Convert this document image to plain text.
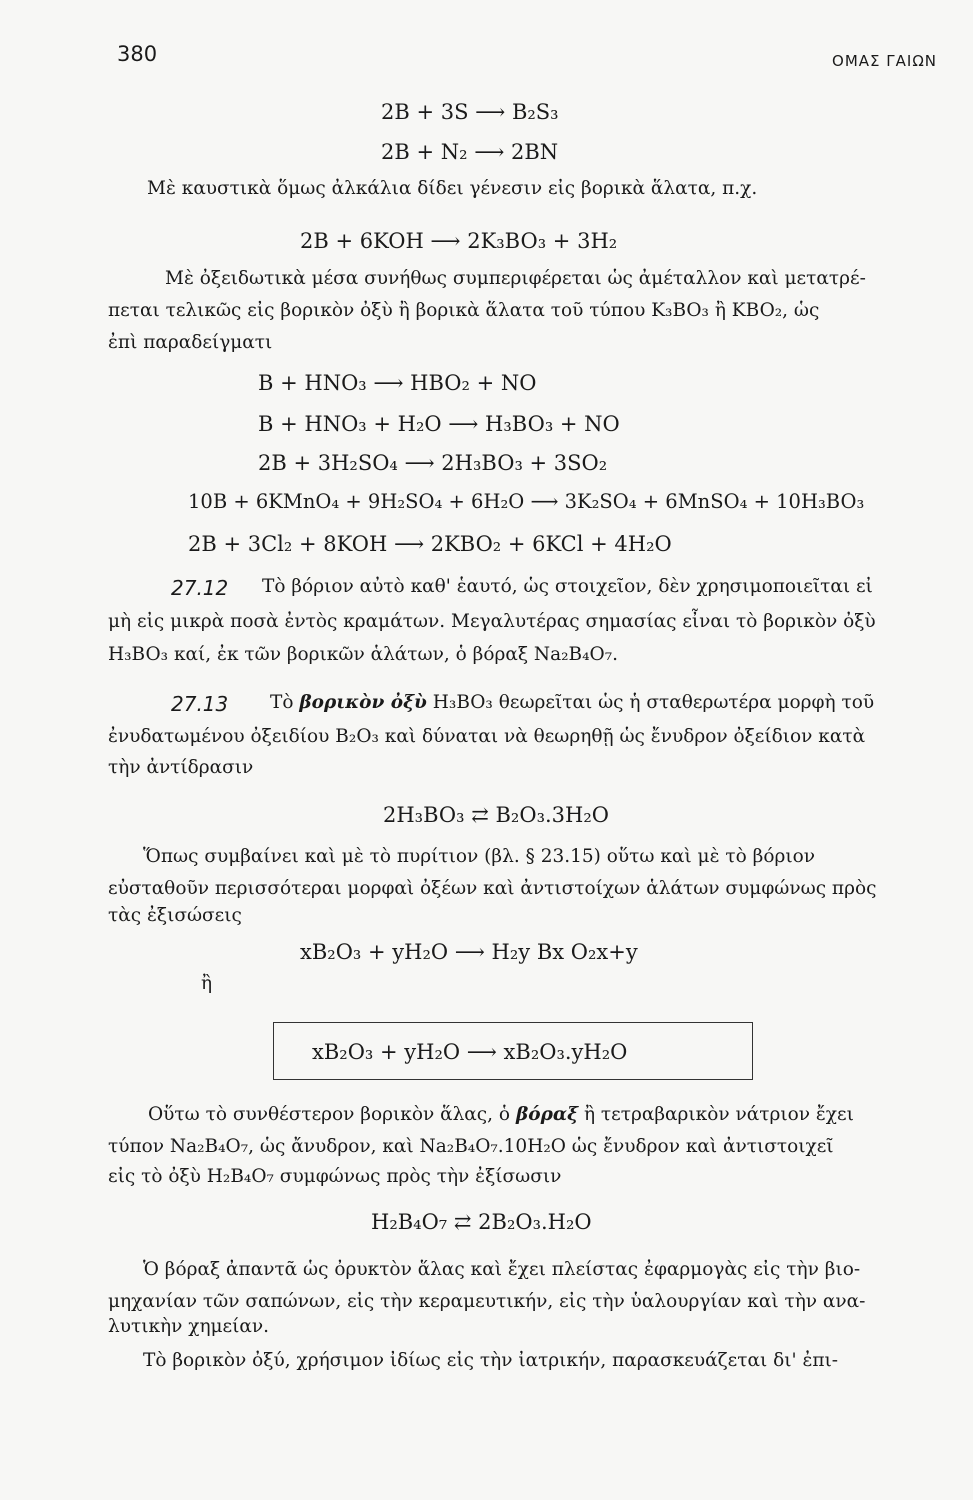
380	ΟΜΑΣ ΓΑΙΩΝ
2B + 3S ⟶ B₂S₃
2B + N₂ ⟶ 2BN
Mὲ καυστικὰ ὅμως ἀλκάλια δίδει γένεσιν εἰς βορικὰ ἅλατα, π.χ.
2B + 6KOH ⟶ 2K₃BO₃ + 3H₂
Mὲ ὀξειδωτικὰ μέσα συνήθως συμπεριφέρεται ὡς ἀμέταλλον καὶ μετατρέ-
πεται τελικῶς εἰς βορικὸν ὀξὺ ἢ βορικὰ ἅλατα τοῦ τύπου K₃BO₃ ἢ KBO₂, ὡς
ἐπὶ παραδείγματι
B + HNO₃ ⟶ HBO₂ + NO
B + HNO₃ + H₂O ⟶ H₃BO₃ + NO
2B + 3H₂SO₄ ⟶ 2H₃BO₃ + 3SO₂
10B + 6KMnO₄ + 9H₂SO₄ + 6H₂O ⟶ 3K₂SO₄ + 6MnSO₄ + 10H₃BO₃
2B + 3Cl₂ + 8KOH ⟶ 2KBO₂ + 6KCl + 4H₂O
27.12 Τὸ βόριον αὐτὸ καθ' ἑαυτό, ὡς στοιχεῖον, δὲν χρησιμοποιεῖται εἰ
μὴ εἰς μικρὰ ποσὰ ἐντὸς κραμάτων. Μεγαλυτέρας σημασίας εἶναι τὸ βορικὸν ὀξὺ
H₃BO₃ καί, ἐκ τῶν βορικῶν ἁλάτων, ὁ βόραξ Na₂B₄O₇.
27.13 Τὸ βορικὸν ὀξὺ H₃BO₃ θεωρεῖται ὡς ἡ σταθερωτέρα μορφὴ τοῦ
ἐνυδατωμένου ὀξειδίου B₂O₃ καὶ δύναται νὰ θεωρηθῇ ὡς ἔνυδρον ὀξείδιον κατὰ
τὴν ἀντίδρασιν
2H₃BO₃ ⇄ B₂O₃.3H₂O
Ὅπως συμβαίνει καὶ μὲ τὸ πυρίτιον (βλ. § 23.15) οὕτω καὶ μὲ τὸ βόριον
εὐσταθοῦν περισσότεραι μορφαὶ ὀξέων καὶ ἀντιστοίχων ἁλάτων συμφώνως πρὸς
τὰς ἐξισώσεις
xB₂O₃ + yH₂O ⟶ H₂y Bx O₂x+y
ἢ
xB₂O₃ + yH₂O ⟶ xB₂O₃.yH₂O
Οὕτω τὸ συνθέστερον βορικὸν ἅλας, ὁ βόραξ ἢ τετραβαρικὸν νάτριον ἔχει
τύπον Na₂B₄O₇, ὡς ἄνυδρον, καὶ Na₂B₄O₇.10H₂O ὡς ἔνυδρον καὶ ἀντιστοιχεῖ
εἰς τὸ ὀξὺ H₂B₄O₇ συμφώνως πρὸς τὴν ἐξίσωσιν
H₂B₄O₇ ⇄ 2B₂O₃.H₂O
Ὁ βόραξ ἀπαντᾶ ὡς ὀρυκτὸν ἅλας καὶ ἔχει πλείστας ἐφαρμογὰς εἰς τὴν βιο-
μηχανίαν τῶν σαπώνων, εἰς τὴν κεραμευτικήν, εἰς τὴν ὑαλουργίαν καὶ τὴν ανα-
λυτικὴν χημείαν.
Τὸ βορικὸν ὀξύ, χρήσιμον ἰδίως εἰς τὴν ἰατρικήν, παρασκευάζεται δι' ἐπι-
